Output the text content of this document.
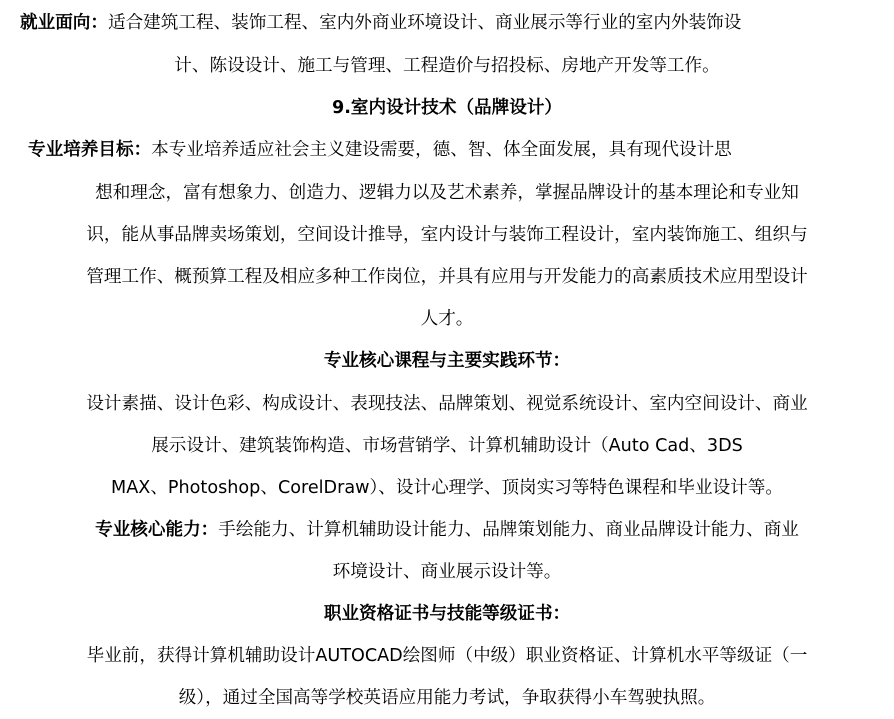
就业面向：适合建筑工程、装饰工程、室内外商业环境设计、商业展示等行业的室内外装饰设
计、陈设设计、施工与管理、工程造价与招投标、房地产开发等工作。
9.室内设计技术（品牌设计）
专业培养目标：本专业培养适应社会主义建设需要，德、智、体全面发展，具有现代设计思
想和理念，富有想象力、创造力、逻辑力以及艺术素养，掌握品牌设计的基本理论和专业知
识，能从事品牌卖场策划，空间设计推导，室内设计与装饰工程设计，室内装饰施工、组织与
管理工作、概预算工程及相应多种工作岗位，并具有应用与开发能力的高素质技术应用型设计
人才。
专业核心课程与主要实践环节：
设计素描、设计色彩、构成设计、表现技法、品牌策划、视觉系统设计、室内空间设计、商业
展示设计、建筑装饰构造、市场营销学、计算机辅助设计（Auto Cad、3DS
MAX、Photoshop、CorelDraw）、设计心理学、顶岗实习等特色课程和毕业设计等。
专业核心能力：手绘能力、计算机辅助设计能力、品牌策划能力、商业品牌设计能力、商业
环境设计、商业展示设计等。
职业资格证书与技能等级证书：
毕业前，获得计算机辅助设计AUTOCAD绘图师（中级）职业资格证、计算机水平等级证（一
级），通过全国高等学校英语应用能力考试，争取获得小车驾驶执照。
